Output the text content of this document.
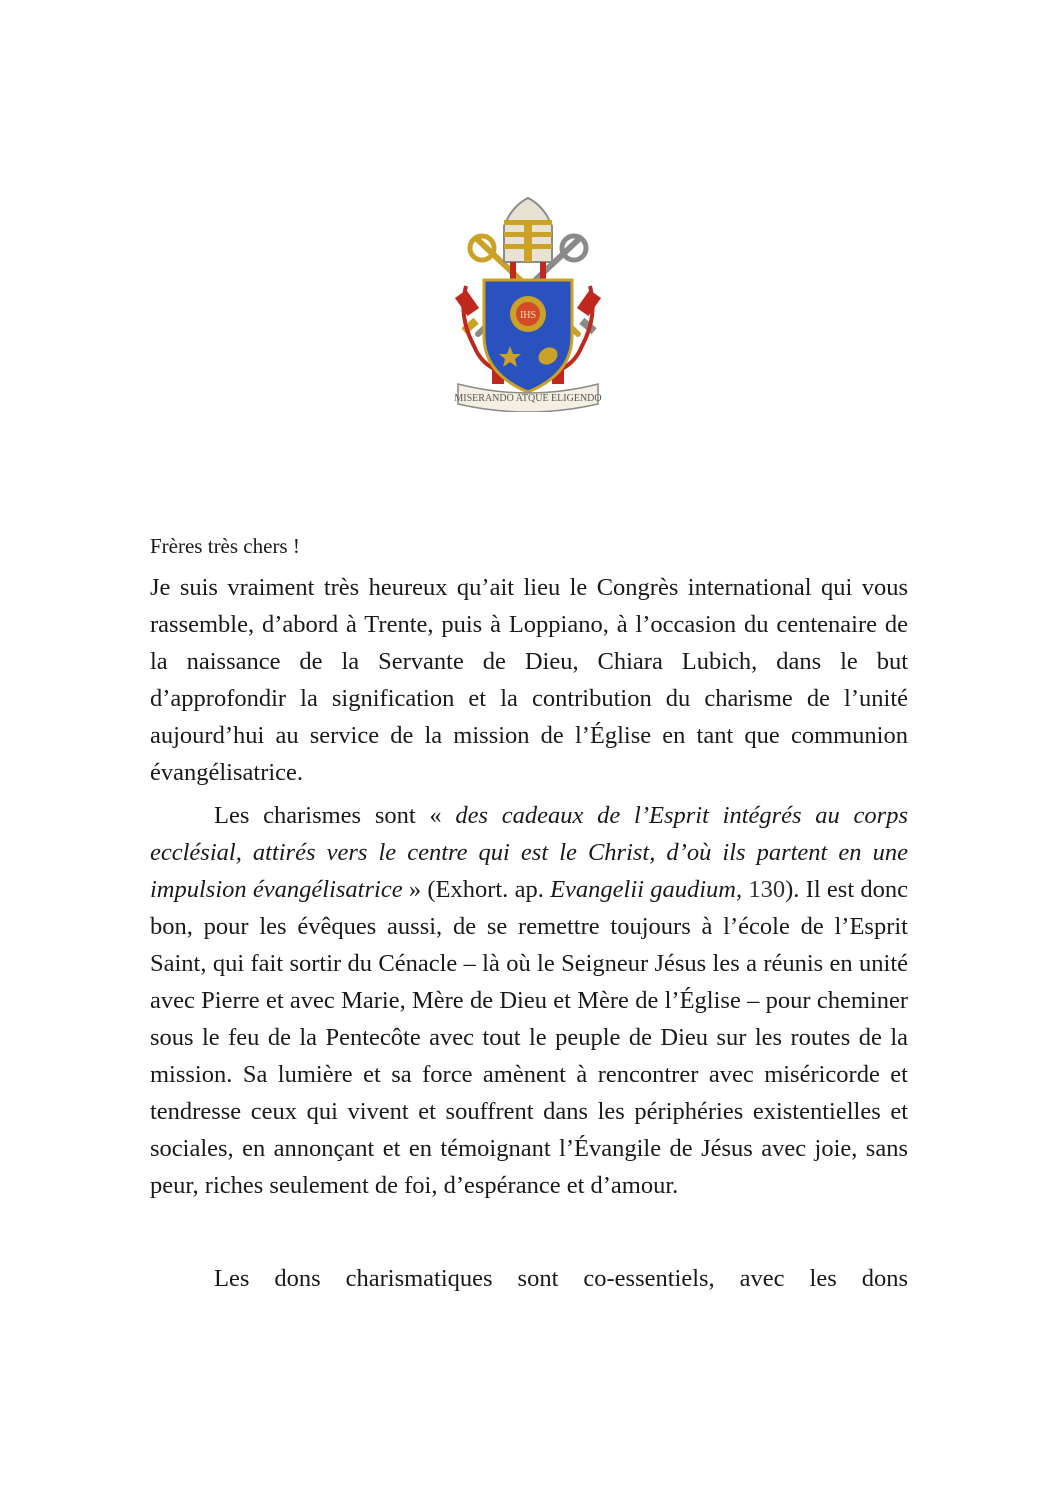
IHS
MISERANDO ATQUE ELIGENDO

Frères très chers !

Je suis vraiment très heureux qu’ait lieu le Congrès international qui vous rassemble, d’abord à Trente, puis à Loppiano, à l’occasion du centenaire de la naissance de la Servante de Dieu, Chiara Lubich, dans le but d’approfondir la signification et la contribution du charisme de l’unité aujourd’hui au service de la mission de l’Église en tant que communion évangélisatrice.

Les charismes sont « des cadeaux de l’Esprit intégrés au corps ecclésial, attirés vers le centre qui est le Christ, d’où ils partent en une impulsion évangélisatrice » (Exhort. ap. Evangelii gaudium, 130). Il est donc bon, pour les évêques aussi, de se remettre toujours à l’école de l’Esprit Saint, qui fait sortir du Cénacle – là où le Seigneur Jésus les a réunis en unité avec Pierre et avec Marie, Mère de Dieu et Mère de l’Église – pour cheminer sous le feu de la Pentecôte avec tout le peuple de Dieu sur les routes de la mission. Sa lumière et sa force amènent à rencontrer avec miséricorde et tendresse ceux qui vivent et souffrent dans les périphéries existentielles et sociales, en annonçant et en témoignant l’Évangile de Jésus avec joie, sans peur, riches seulement de foi, d’espérance et d’amour.

Les dons charismatiques sont co-essentiels, avec les dons
